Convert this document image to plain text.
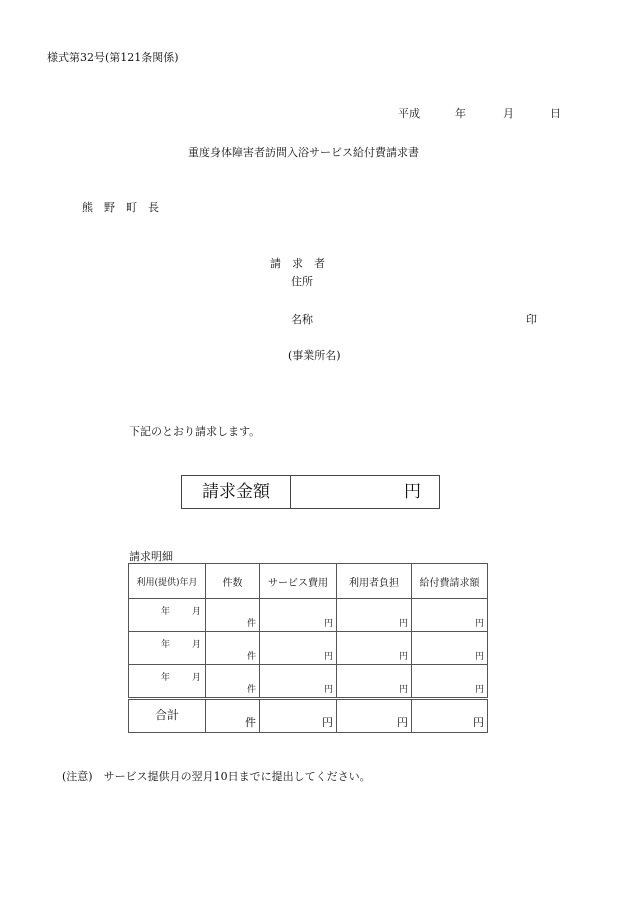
様式第32号(第121条関係)
平成	年	月	日
重度身体障害者訪問入浴サービス給付費請求書
熊　野　町　長
請　求　者
住所
名称	印
(事業所名)
下記のとおり請求します。
請求金額	円
請求明細
利用(提供)年月	件数	サービス費用	利用者負担	給付費請求額

年 月	件	円	円	円

年 月	件	円	円	円

年 月	件	円	円	円

合計	件	円	円	円
(注意)　サービス提供月の翌月10日までに提出してください。
